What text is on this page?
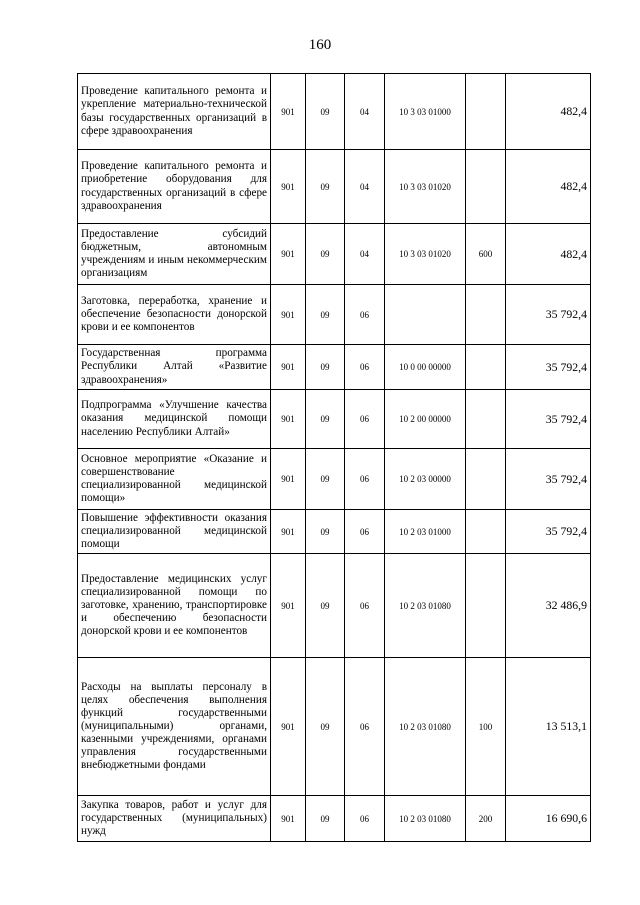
160
Проведение капитального ремонта и укрепление материально-технической базы государственных организаций в сфере здравоохранения	901	09	04	10 3 03 01000		482,4
Проведение капитального ремонта и приобретение оборудования для государственных организаций в сфере здравоохранения	901	09	04	10 3 03 01020		482,4
Предоставление субсидий бюджетным, автономным учреждениям и иным некоммерческим организациям	901	09	04	10 3 03 01020	600	482,4
Заготовка, переработка, хранение и обеспечение безопасности донорской крови и ее компонентов	901	09	06			35 792,4
Государственная программа Республики Алтай «Развитие здравоохранения»	901	09	06	10 0 00 00000		35 792,4
Подпрограмма «Улучшение качества оказания медицинской помощи населению Республики Алтай»	901	09	06	10 2 00 00000		35 792,4
Основное мероприятие «Оказание и совершенствование специализированной медицинской помощи»	901	09	06	10 2 03 00000		35 792,4
Повышение эффективности оказания специализированной медицинской помощи	901	09	06	10 2 03 01000		35 792,4
Предоставление медицинских услуг специализированной помощи по заготовке, хранению, транспортировке и обеспечению безопасности донорской крови и ее компонентов	901	09	06	10 2 03 01080		32 486,9
Расходы на выплаты персоналу в целях обеспечения выполнения функций государственными (муниципальными) органами, казенными учреждениями, органами управления государственными внебюджетными фондами	901	09	06	10 2 03 01080	100	13 513,1
Закупка товаров, работ и услуг для государственных (муниципальных) нужд	901	09	06	10 2 03 01080	200	16 690,6
